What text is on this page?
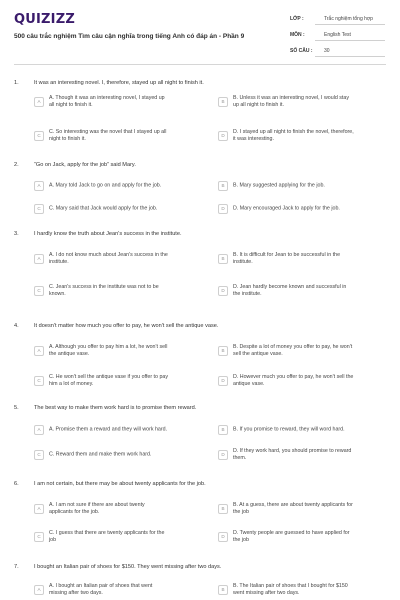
QUIZIZZ
500 câu trắc nghiệm Tìm câu cận nghĩa trong tiếng Anh có đáp án - Phần 9
LỚP :	Trắc nghiệm tổng hợp
MÔN :	English Test
SỐ CÂU :	30
1.	It was an interesting novel. I, therefore, stayed up all night to finish it.
A
A. Though it was an interesting novel, I stayed up
all night to finish it.
B
B. Unless it was an interesting novel, I would stay
up all night to finish it.
C
C. So interesting was the novel that I stayed up all
night to finish it.
D
D. I stayed up all night to finish the novel, therefore,
it was interesting.
2.	“Go on Jack, apply for the job” said Mary.
A	A. Mary told Jack to go on and apply for the job.	B	B. Mary suggested applying for the job.
C	C. Mary said that Jack would apply for the job.	D	D. Mary encouraged Jack to apply for the job.
3.	I hardly know the truth about Jean's success in the institute.
A
A. I do not know much about Jean's success in the
institute.
B
B. It is difficult for Jean to be successful in the
institute.
C
C. Jean's success in the institute was not to be
known.
D
D. Jean hardly become known and successful in
the institute.
4.	It doesn't matter how much you offer to pay, he won't sell the antique vase.
A
A. Although you offer to pay him a lot, he won't sell
the antique vase.
B
B. Despite a lot of money you offer to pay, he won't
sell the antique vase.
C
C. He won't sell the antique vase if you offer to pay
him a lot of money.
D
D. However much you offer to pay, he won't sell the
antique vase.
5.	The best way to make them work hard is to promise them reward.
A	A. Promise them a reward and they will work hard.	B	B. If you promise to reward, they will word hard.
C	C. Reward them and make them work hard.	D
D. If they work hard, you should promise to reward
them.
6.	I am not certain, but there may be about twenty applicants for the job.
A
A. I am not sure if there are about twenty
applicants for the job.
B
B. At a guess, there are about twenty applicants for
the job
C
C. I guess that there are twenty applicants for the
job
D
D. Twenty people are guessed to have applied for
the job
7.	I bought an Italian pair of shoes for $150. They went missing after two days.
A
A. I bought an Italian pair of shoes that went
missing after two days.
B
B. The Italian pair of shoes that I bought for $150
went missing after two days.
